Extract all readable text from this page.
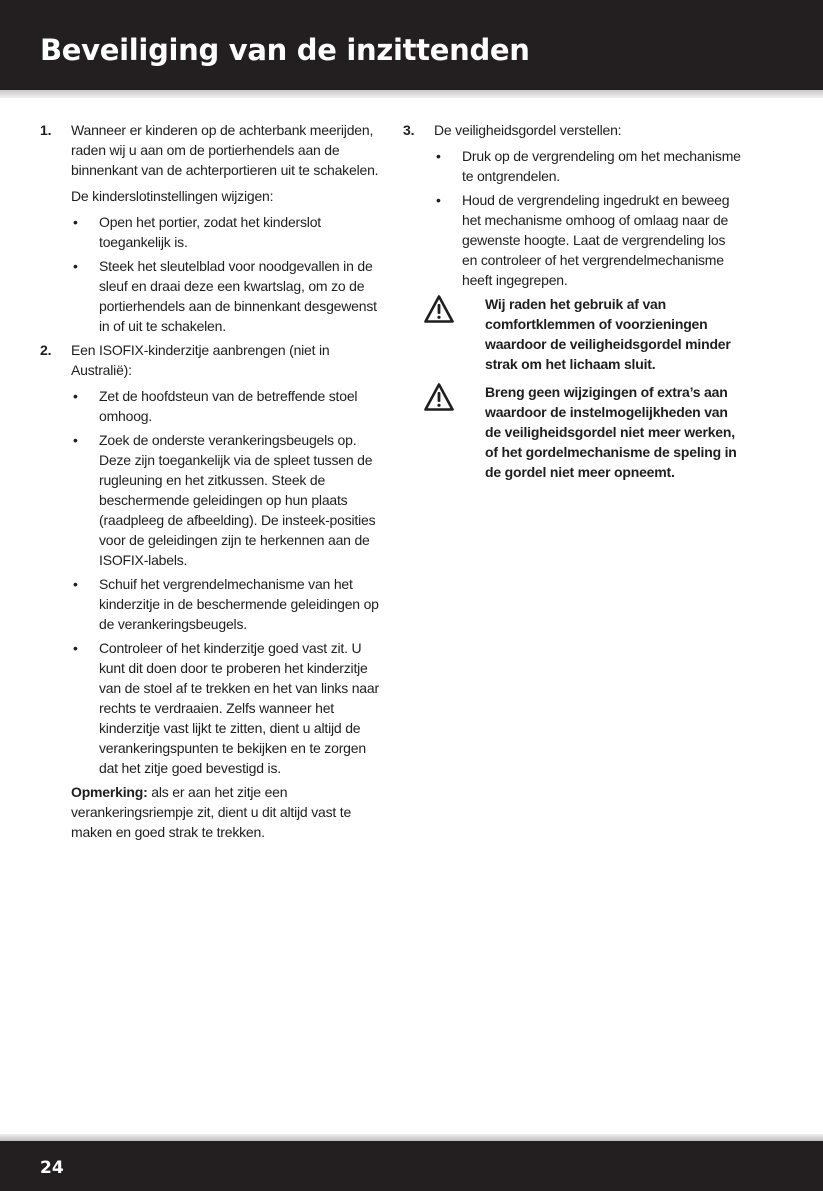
Beveiliging van de inzittenden
1. Wanneer er kinderen op de achterbank meerijden, raden wij u aan om de portierhendels aan de binnenkant van de achterportieren uit te schakelen.

De kinderslotinstellingen wijzigen:

• Open het portier, zodat het kinderslot toegankelijk is.
• Steek het sleutelblad voor noodgevallen in de sleuf en draai deze een kwartslag, om zo de portierhendels aan de binnenkant desgewenst in of uit te schakelen.
2. Een ISOFIX-kinderzitje aanbrengen (niet in Australië):

• Zet de hoofdsteun van de betreffende stoel omhoog.
• Zoek de onderste verankeringsbeugels op. Deze zijn toegankelijk via de spleet tussen de rugleuning en het zitkussen. Steek de beschermende geleidingen op hun plaats (raadpleeg de afbeelding). De insteek-posities voor de geleidingen zijn te herkennen aan de ISOFIX-labels.
• Schuif het vergrendelmechanisme van het kinderzitje in de beschermende geleidingen op de verankeringsbeugels.
• Controleer of het kinderzitje goed vast zit. U kunt dit doen door te proberen het kinderzitje van de stoel af te trekken en het van links naar rechts te verdraaien. Zelfs wanneer het kinderzitje vast lijkt te zitten, dient u altijd de verankeringspunten te bekijken en te zorgen dat het zitje goed bevestigd is.

Opmerking: als er aan het zitje een verankeringsriempje zit, dient u dit altijd vast te maken en goed strak te trekken.

3. De veiligheidsgordel verstellen:

• Druk op de vergrendeling om het mechanisme te ontgrendelen.
• Houd de vergrendeling ingedrukt en beweeg het mechanisme omhoog of omlaag naar de gewenste hoogte. Laat de vergrendeling los en controleer of het vergrendelmechanisme heeft ingegrepen.
Wij raden het gebruik af van comfortklemmen of voorzieningen waardoor de veiligheidsgordel minder strak om het lichaam sluit.
Breng geen wijzigingen of extra’s aan waardoor de instelmogelijkheden van de veiligheidsgordel niet meer werken, of het gordelmechanisme de speling in de gordel niet meer opneemt.
24
